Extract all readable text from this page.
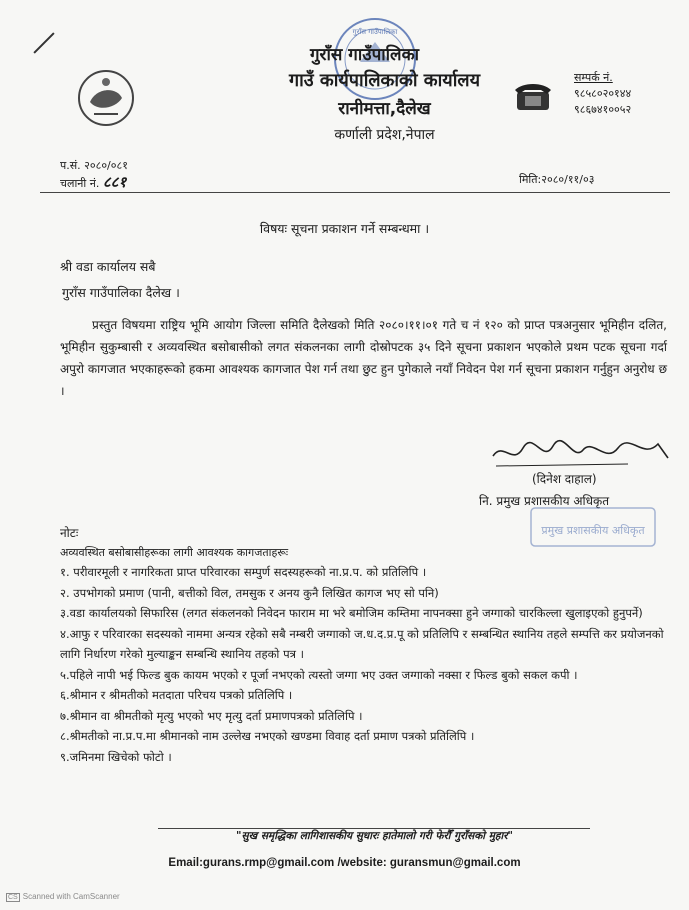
गुराँस गाउँपालिका
गुराँस गाउँपालिका
गाउँ कार्यपालिकाको कार्यालय
रानीमत्ता,दैलेख
कर्णाली प्रदेश,नेपाल
सम्पर्क नं.
९८५८०२०१४४
९८६७४१००५२
प.सं. २०८०/०८१
चलानी नं. ८८१	मिति:२०८०/११/०३
विषयः सूचना प्रकाशन गर्ने सम्बन्धमा ।
श्री वडा कार्यालय सबै
गुराँस गाउँपालिका दैलेख ।
प्रस्तुत विषयमा राष्ट्रिय भूमि आयोग जिल्ला समिति दैलेखको मिति २०८०।११।०१ गते च नं १२० को प्राप्त पत्रअनुसार भूमिहीन दलित, भूमिहीन सुकुम्बासी र अव्यवस्थित बसोबासीको लगत संकलनका लागी दोस्रोपटक ३५ दिने सूचना प्रकाशन भएकोले प्रथम पटक सूचना गर्दा अपुरो कागजात भएकाहरूको हकमा आवश्यक कागजात पेश गर्न तथा छुट हुन पुगेकाले नयाँ निवेदन पेश गर्न सूचना प्रकाशन गर्नुहुन अनुरोध छ ।
(दिनेश दाहाल)
नि. प्रमुख प्रशासकीय अधिकृत
प्रमुख प्रशासकीय अधिकृत
नोटः
अव्यवस्थित बसोबासीहरूका लागी आवश्यक कागजताहरूः
१. परीवारमूली र नागरिकता प्राप्त परिवारका सम्पुर्ण सदस्यहरूको ना.प्र.प. को प्रतिलिपि ।
२. उपभोगको प्रमाण (पानी, बत्तीको विल, तमसुक र अनय कुनै लिखित कागज भए सो पनि)
३.वडा कार्यालयको सिफारिस (लगत संकलनको निवेदन फाराम मा भरे बमोजिम कम्तिमा नापनक्सा हुने जग्गाको चारकिल्ला खुलाइएकाे हुनुपर्ने)
४.आफु र परिवारका सदस्यको नाममा अन्यत्र रहेको सबै नम्बरी जग्गाको ज.ध.द.प्र.पू को प्रतिलिपि र सम्बन्धित स्थानिय तहले सम्पत्ति कर प्रयोजनको लागि निर्धारण गरेको मुल्याङ्कन सम्बन्धि स्थानिय तहको पत्र ।
५.पहिले नापी भई फिल्ड बुक कायम भएको र पूर्जा नभएको त्यस्तो जग्गा भए उक्त जग्गाको नक्सा र फिल्ड बुको सकल कपी ।
६.श्रीमान र श्रीमतीको मतदाता परिचय पत्रको प्रतिलिपि ।
७.श्रीमान वा श्रीमतीको मृत्यु भएको भए मृत्यु दर्ता प्रमाणपत्रको प्रतिलिपि ।
८.श्रीमतीको ना.प्र.प.मा श्रीमानको नाम उल्लेख नभएको खण्डमा विवाह दर्ता प्रमाण पत्रको प्रतिलिपि ।
९.जमिनमा खिचेको फोटो ।
"सुख समृद्धिका लागिशासकीय सुधारः हातेमालो गरी फेरौँ गुराँसको मुहार"
Email:gurans.rmp@gmail.com /website: guransmun@gmail.com
CS Scanned with CamScanner
